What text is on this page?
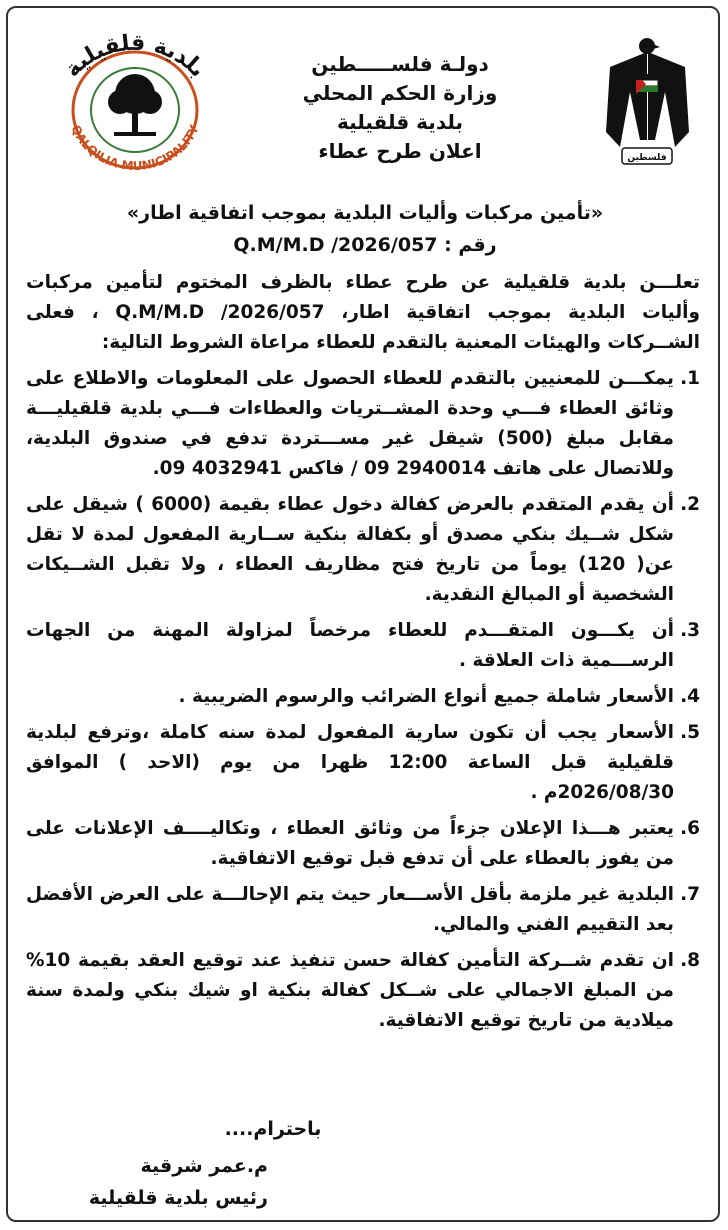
بلدية قلقيلية
QALQILIA MUNICIPALITY
فلسطين
دولـة فلســـــطين
وزارة الحكم المحلي
بلدية قلقيلية
اعلان طرح عطاء
«تأمين مركبات وأليات البلدية بموجب اتفاقية اطار»
رقم : Q.M/M.D /2026/057

تعلـــن بلدية قلقيلية عن طرح عطاء بالظرف المختوم لتأمين مركبات وأليات البلدية بموجب اتفاقية اطار، Q.M/M.D /2026/057 ، فعلى الشــركات والهيئات المعنية بالتقدم للعطاء مراعاة الشروط التالية:

1.
يمكـــن للمعنيين بالتقدم للعطاء الحصول على المعلومات والاطلاع على وثائق العطاء فـــي وحدة المشــتريات والعطاءات فـــي بلدية قلقيليـــة مقابل مبلغ (500) شيقل غير مســـتردة تدفع في صندوق البلدية، وللاتصال على هاتف 2940014 09 / فاكس 4032941 09.
2.
أن يقدم المتقدم بالعرض كفالة دخول عطاء بقيمة (6000 ) شيقل على شكل شــيك بنكي مصدق أو بكفالة بنكية ســارية المفعول لمدة لا تقل عن( 120) يوماً من تاريخ فتح مظاريف العطاء ، ولا تقبل الشــيكات الشخصية أو المبالغ النقدية.
3.
أن يكـــون المتقـــدم للعطاء مرخصاً لمزاولة المهنة من الجهات الرســـمية ذات العلاقة .
4.
الأسعار شاملة جميع أنواع الضرائب والرسوم الضريبية .
5.
الأسعار يجب أن تكون سارية المفعول لمدة سنه كاملة ،وترفع لبلدية قلقيلية قبل الساعة 12:00 ظهرا من يوم (الاحد ) الموافق 2026/08/30م .
6.
يعتبر هـــذا الإعلان جزءاً من وثائق العطاء ، وتكاليــــف الإعلانات على من يفوز بالعطاء على أن تدفع قبل توقيع الاتفاقية.
7.
البلدية غير ملزمة بأقل الأســـعار حيث يتم الإحالـــة على العرض الأفضل بعد التقييم الفني والمالي.
8.
ان تقدم شــركة التأمين كفالة حسن تنفيذ عند توقيع العقد بقيمة 10% من المبلغ الاجمالي على شــكل كفالة بنكية او شيك بنكي ولمدة سنة ميلادية من تاريخ توقيع الاتفاقية.
باحترام....
م.عمر شرقية
رئيس بلدية قلقيلية
